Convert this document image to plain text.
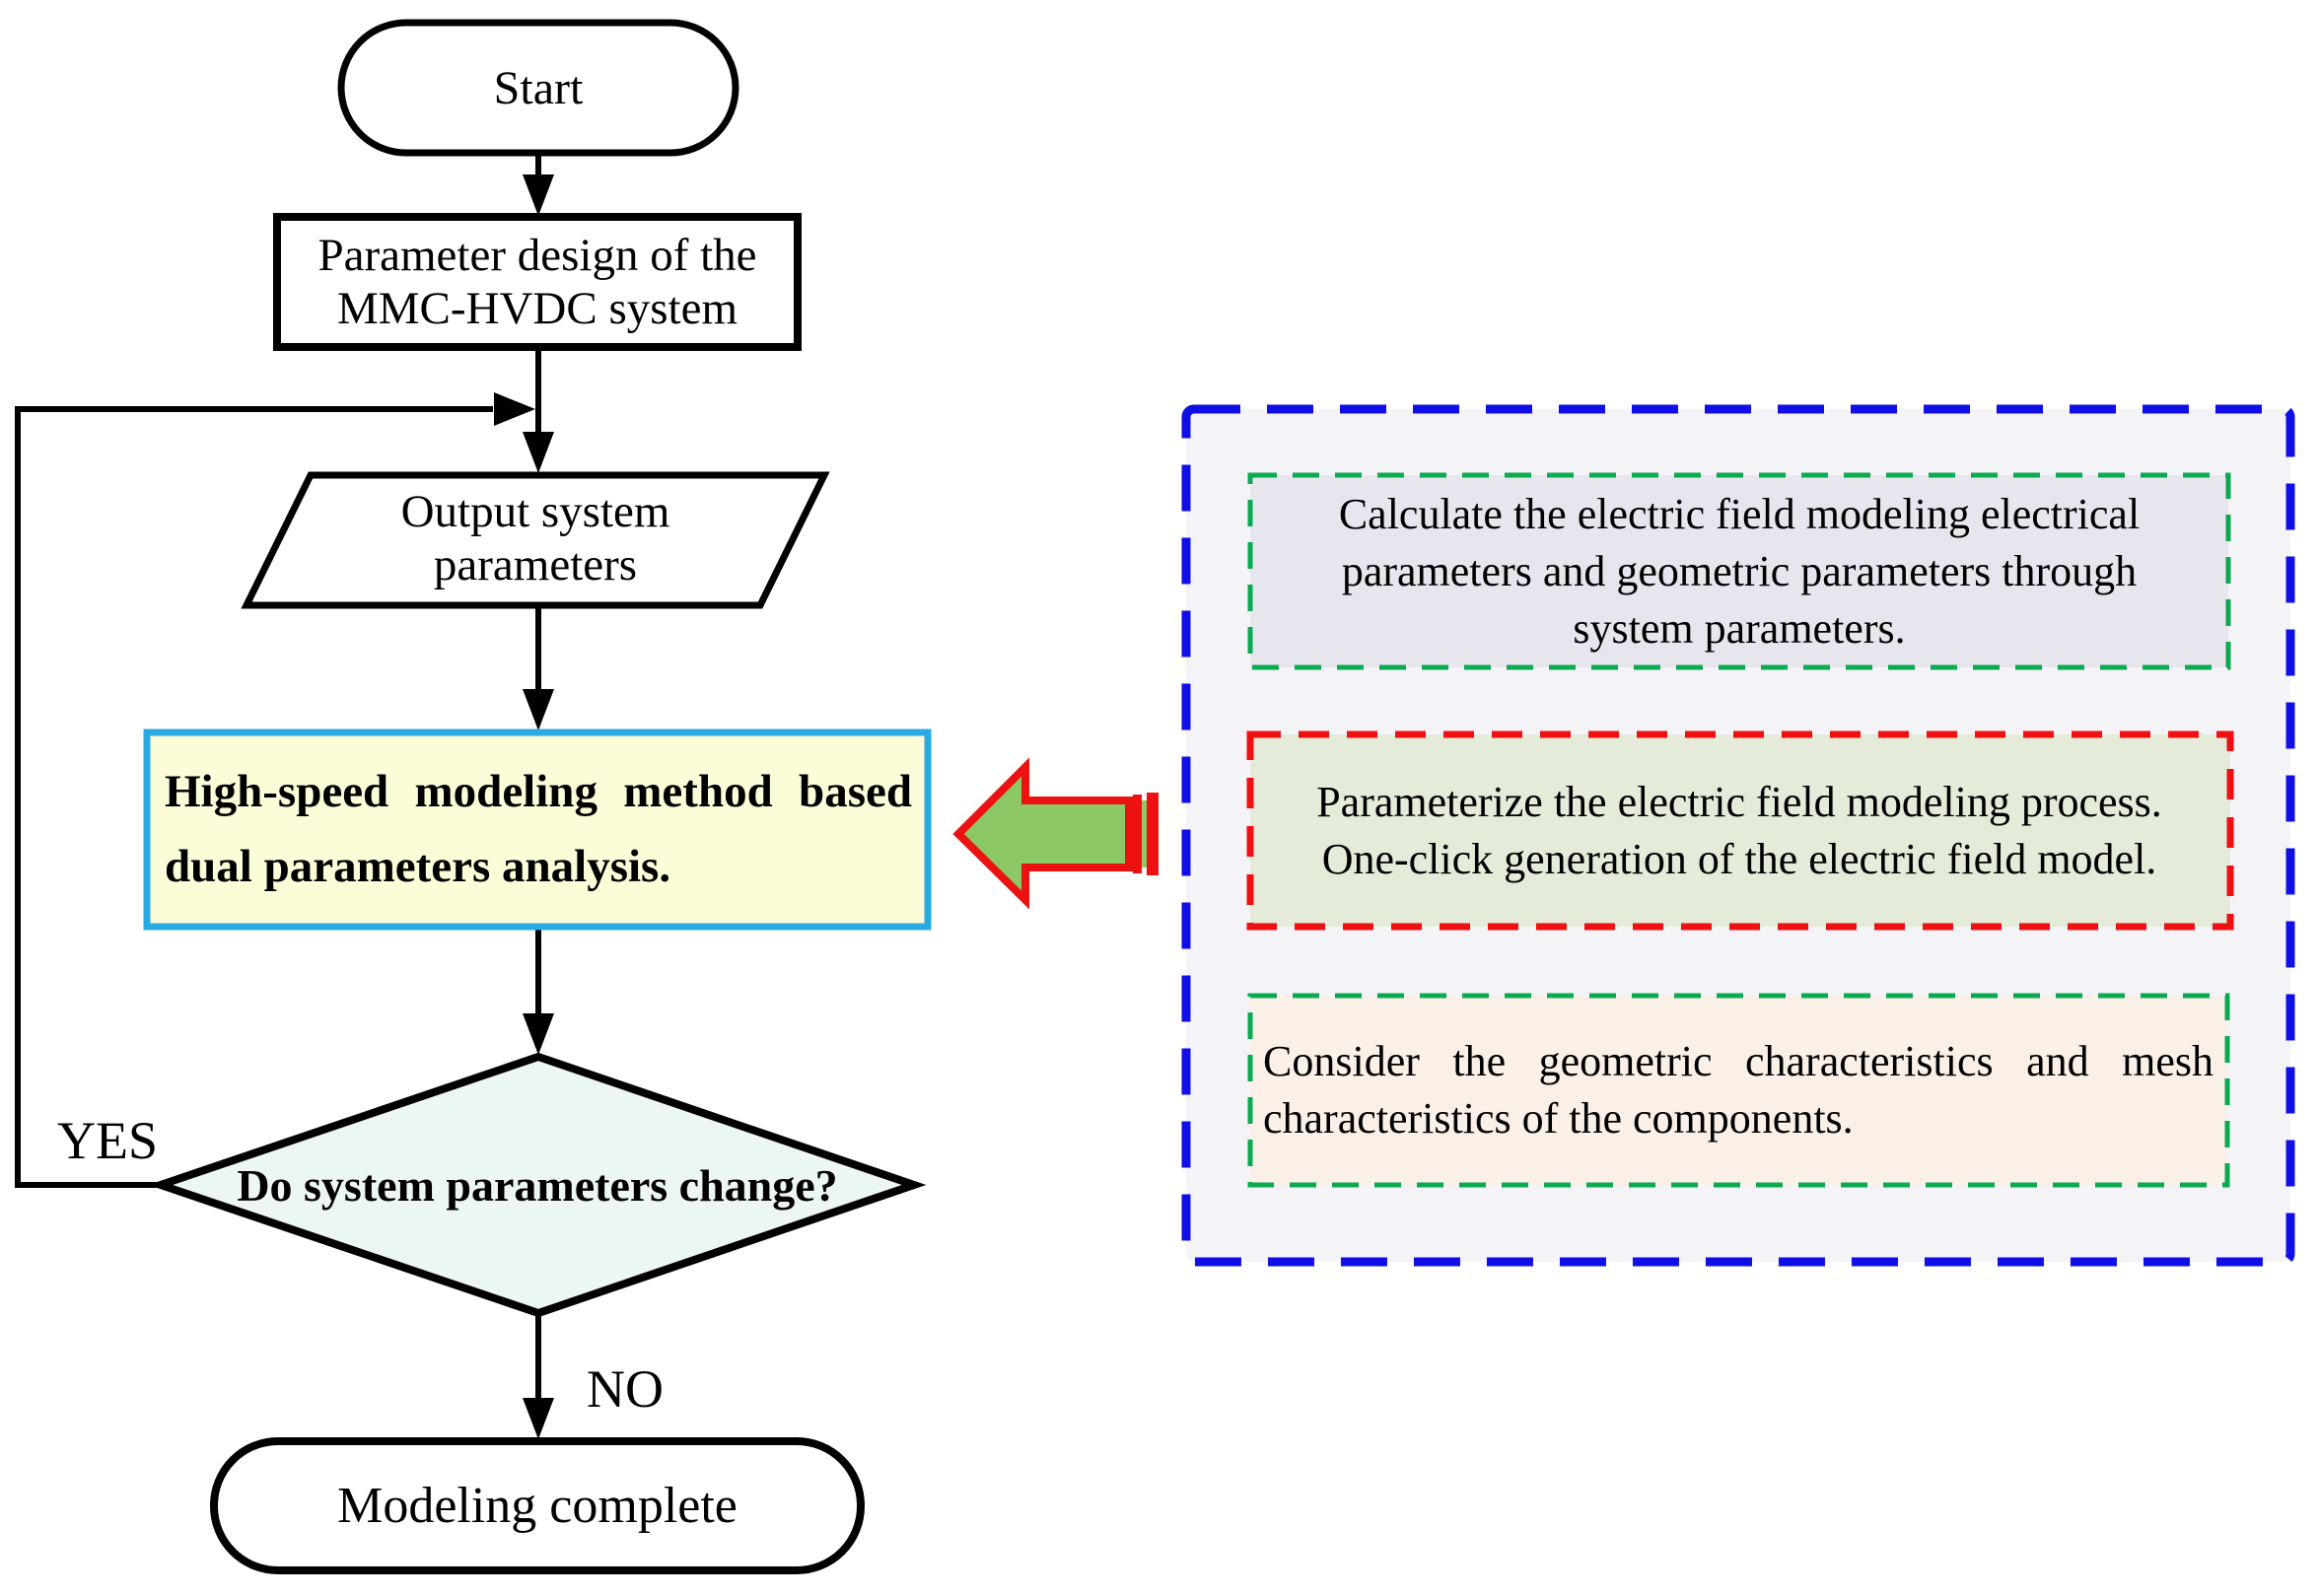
Start
Parameter design of the
MMC-HVDC system
Output system
parameters
High-speed modeling method based
dual parameters analysis.
Do system parameters change?
YES
NO
Modeling complete
Calculate the electric field modeling electrical
parameters and geometric parameters through
system parameters.
Parameterize the electric field modeling process.
One-click generation of the electric field model.
Consider the geometric characteristics and mesh
characteristics of the components.
